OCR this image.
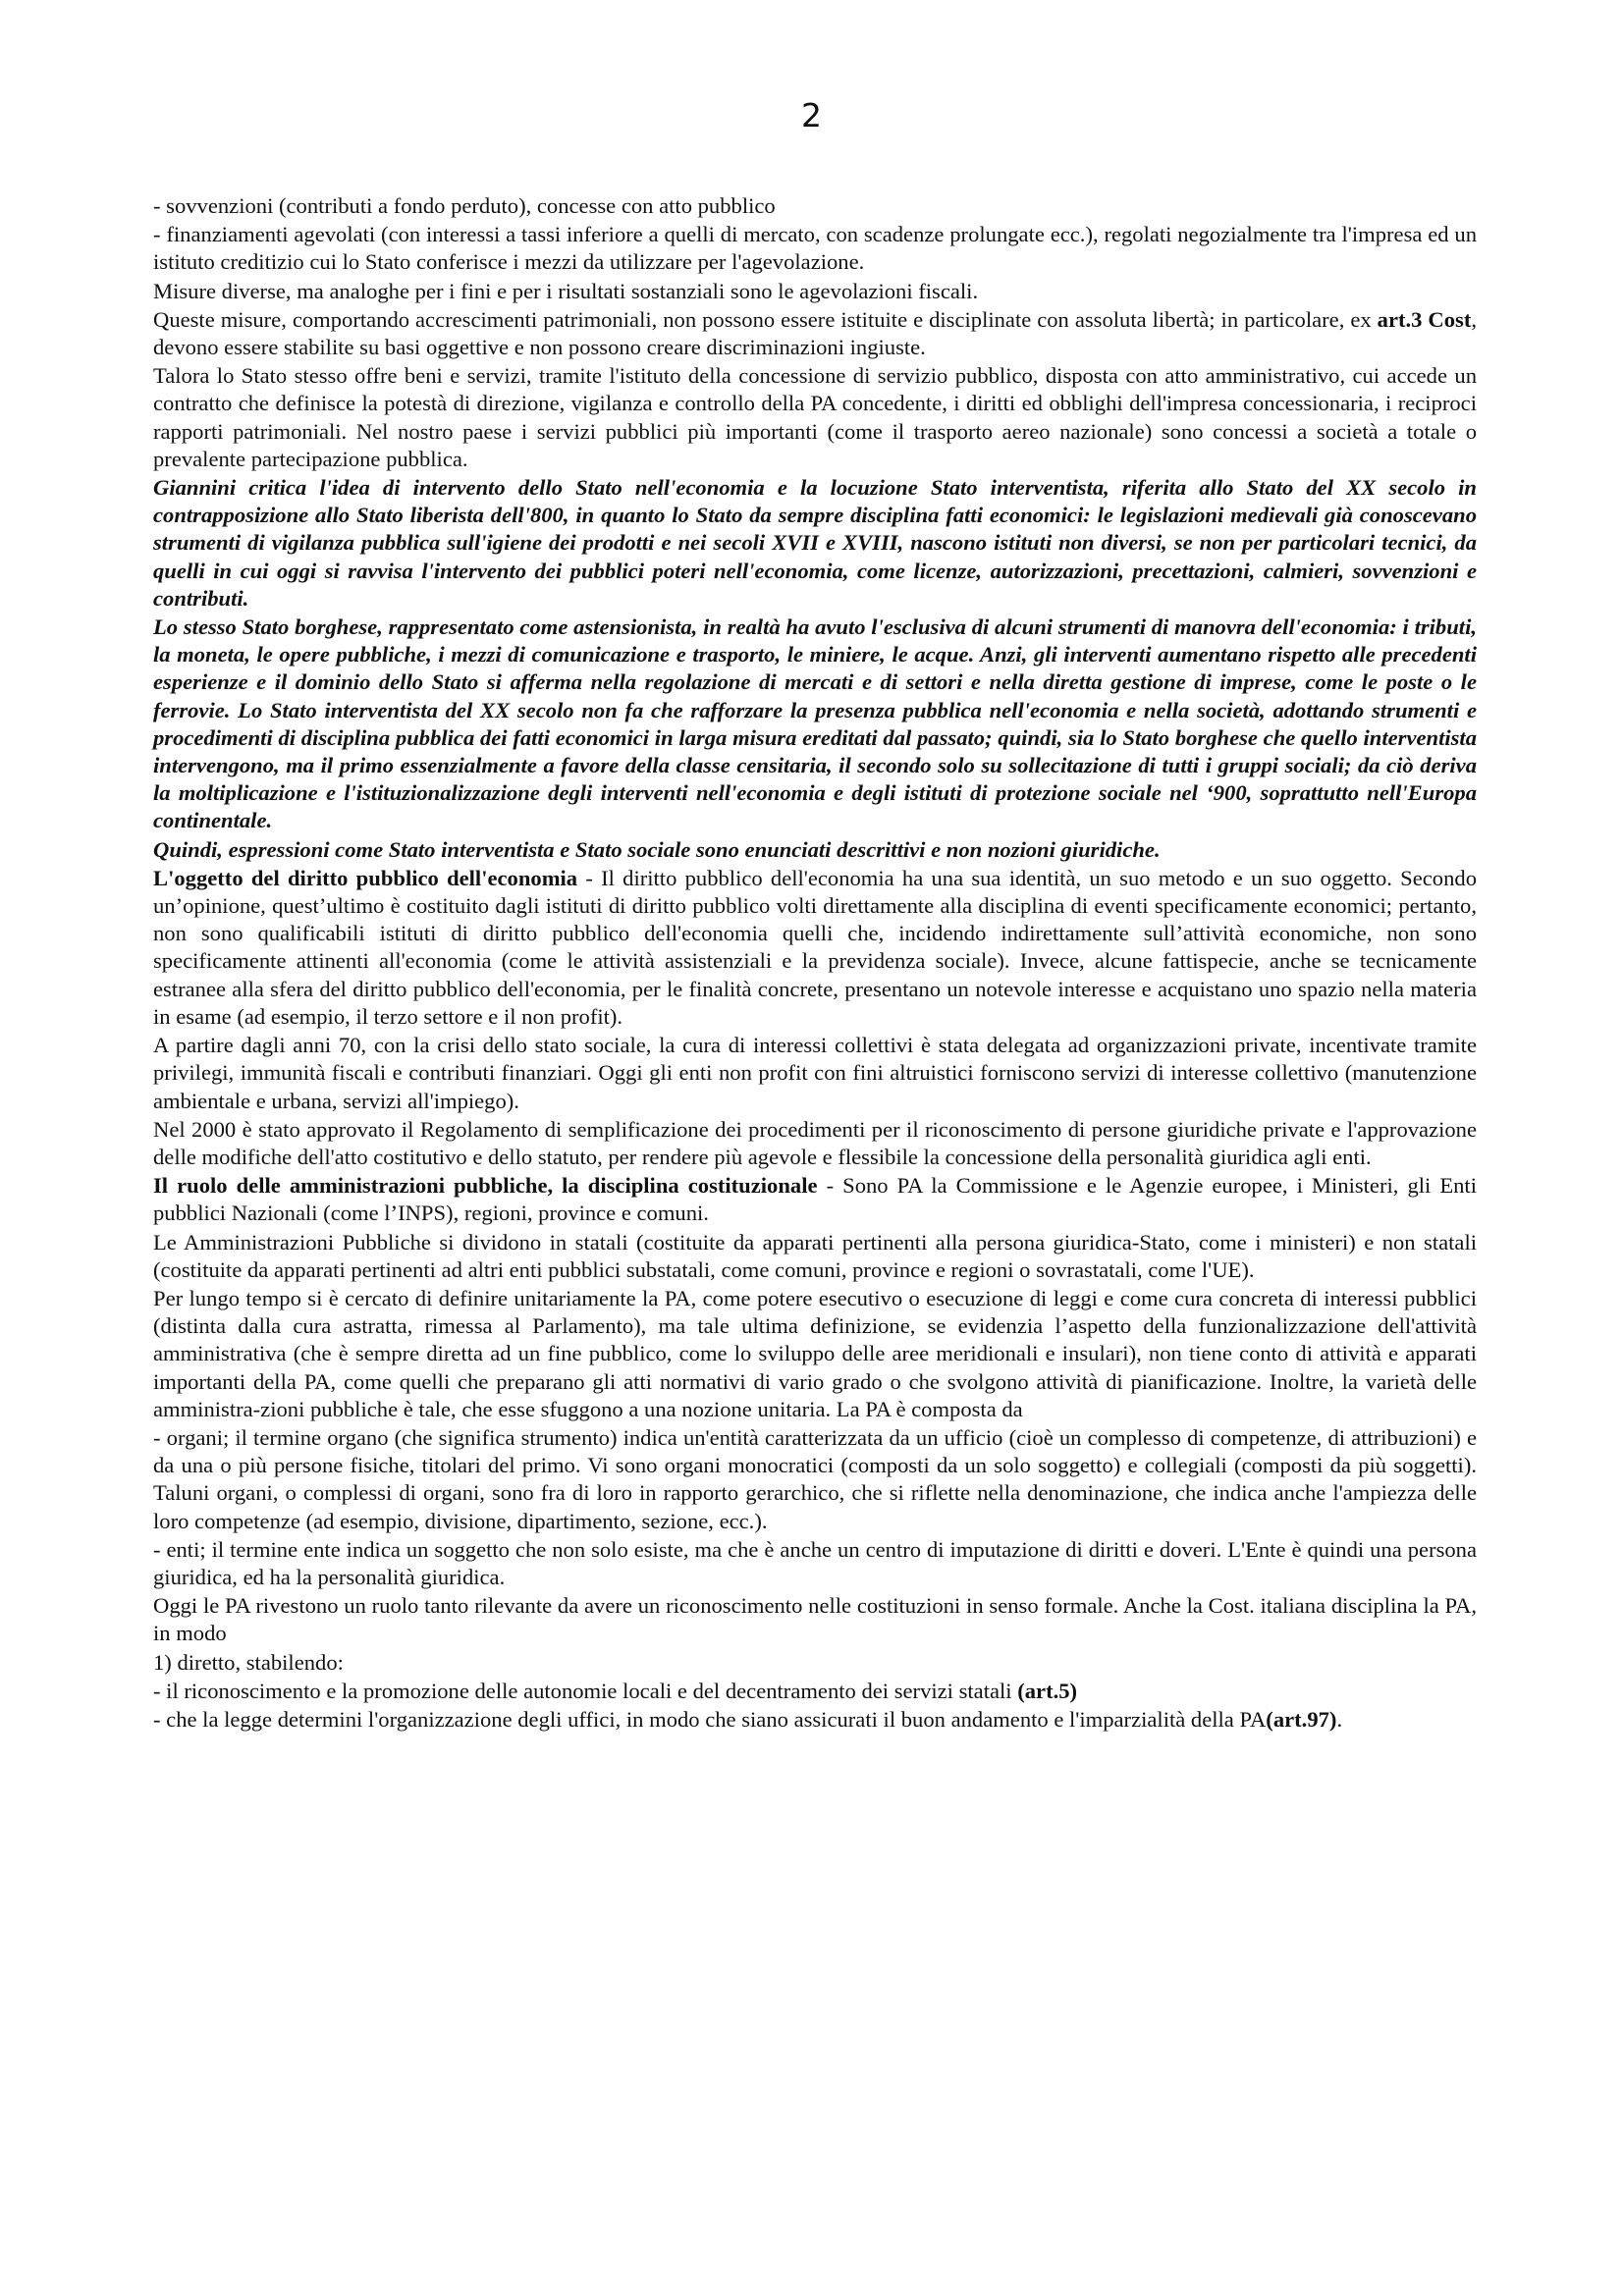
2

- sovvenzioni (contributi a fondo perduto), concesse con atto pubblico

- finanziamenti agevolati (con interessi a tassi inferiore a quelli di mercato, con scadenze prolungate ecc.), regolati negozialmente tra l'impresa ed un istituto creditizio cui lo Stato conferisce i mezzi da utilizzare per l'agevolazione.

Misure diverse, ma analoghe per i fini e per i risultati sostanziali sono le agevolazioni fiscali.

Queste misure, comportando accrescimenti patrimoniali, non possono essere istituite e disciplinate con assoluta libertà; in particolare, ex art.3 Cost, devono essere stabilite su basi oggettive e non possono creare discriminazioni ingiuste.

Talora lo Stato stesso offre beni e servizi, tramite l'istituto della concessione di servizio pubblico, disposta con atto amministrativo, cui accede un contratto che definisce la potestà di direzione, vigilanza e controllo della PA concedente, i diritti ed obblighi dell'impresa concessionaria, i reciproci rapporti patrimoniali. Nel nostro paese i servizi pubblici più importanti (come il trasporto aereo nazionale) sono concessi a società a totale o prevalente partecipazione pubblica.

Giannini critica l'idea di intervento dello Stato nell'economia e la locuzione Stato interventista, riferita allo Stato del XX secolo in contrapposizione allo Stato liberista dell'800, in quanto lo Stato da sempre disciplina fatti economici: le legislazioni medievali già conoscevano strumenti di vigilanza pubblica sull'igiene dei prodotti e nei secoli XVII e XVIII, nascono istituti non diversi, se non per particolari tecnici, da quelli in cui oggi si ravvisa l'intervento dei pubblici poteri nell'economia, come licenze, autorizzazioni, precettazioni, calmieri, sovvenzioni e contributi.

Lo stesso Stato borghese, rappresentato come astensionista, in realtà ha avuto l'esclusiva di alcuni strumenti di manovra dell'economia: i tributi, la moneta, le opere pubbliche, i mezzi di comunicazione e trasporto, le miniere, le acque. Anzi, gli interventi aumentano rispetto alle precedenti esperienze e il dominio dello Stato si afferma nella regolazione di mercati e di settori e nella diretta gestione di imprese, come le poste o le ferrovie. Lo Stato interventista del XX secolo non fa che rafforzare la presenza pubblica nell'economia e nella società, adottando strumenti e procedimenti di disciplina pubblica dei fatti economici in larga misura ereditati dal passato; quindi, sia lo Stato borghese che quello interventista intervengono, ma il primo essenzialmente a favore della classe censitaria, il secondo solo su sollecitazione di tutti i gruppi sociali; da ciò deriva la moltiplicazione e l'istituzionalizzazione degli interventi nell'economia e degli istituti di protezione sociale nel ‘900, soprattutto nell'Europa continentale.

Quindi, espressioni come Stato interventista e Stato sociale sono enunciati descrittivi e non nozioni giuridiche.

L'oggetto del diritto pubblico dell'economia - Il diritto pubblico dell'economia ha una sua identità, un suo metodo e un suo oggetto. Secondo un’opinione, quest’ultimo è costituito dagli istituti di diritto pubblico volti direttamente alla disciplina di eventi specificamente economici; pertanto, non sono qualificabili istituti di diritto pubblico dell'economia quelli che, incidendo indirettamente sull’attività economiche, non sono specificamente attinenti all'economia (come le attività assistenziali e la previdenza sociale). Invece, alcune fattispecie, anche se tecnicamente estranee alla sfera del diritto pubblico dell'economia, per le finalità concrete, presentano un notevole interesse e acquistano uno spazio nella materia in esame (ad esempio, il terzo settore e il non profit).

A partire dagli anni 70, con la crisi dello stato sociale, la cura di interessi collettivi è stata delegata ad organizzazioni private, incentivate tramite privilegi, immunità fiscali e contributi finanziari. Oggi gli enti non profit con fini altruistici forniscono servizi di interesse collettivo (manutenzione ambientale e urbana, servizi all'impiego).

Nel 2000 è stato approvato il Regolamento di semplificazione dei procedimenti per il riconoscimento di persone giuridiche private e l'approvazione delle modifiche dell'atto costitutivo e dello statuto, per rendere più agevole e flessibile la concessione della personalità giuridica agli enti.

Il ruolo delle amministrazioni pubbliche, la disciplina costituzionale - Sono PA la Commissione e le Agenzie europee, i Ministeri, gli Enti pubblici Nazionali (come l’INPS), regioni, province e comuni.

Le Amministrazioni Pubbliche si dividono in statali (costituite da apparati pertinenti alla persona giuridica-Stato, come i ministeri) e non statali (costituite da apparati pertinenti ad altri enti pubblici substatali, come comuni, province e regioni o sovrastatali, come l'UE).

Per lungo tempo si è cercato di definire unitariamente la PA, come potere esecutivo o esecuzione di leggi e come cura concreta di interessi pubblici (distinta dalla cura astratta, rimessa al Parlamento), ma tale ultima definizione, se evidenzia l’aspetto della funzionalizzazione dell'attività amministrativa (che è sempre diretta ad un fine pubblico, come lo sviluppo delle aree meridionali e insulari), non tiene conto di attività e apparati importanti della PA, come quelli che preparano gli atti normativi di vario grado o che svolgono attività di pianificazione. Inoltre, la varietà delle amministra-zioni pubbliche è tale, che esse sfuggono a una nozione unitaria. La PA è composta da

- organi; il termine organo (che significa strumento) indica un'entità caratterizzata da un ufficio (cioè un complesso di competenze, di attribuzioni) e da una o più persone fisiche, titolari del primo. Vi sono organi monocratici (composti da un solo soggetto) e collegiali (composti da più soggetti). Taluni organi, o complessi di organi, sono fra di loro in rapporto gerarchico, che si riflette nella denominazione, che indica anche l'ampiezza delle loro competenze (ad esempio, divisione, dipartimento, sezione, ecc.).

- enti; il termine ente indica un soggetto che non solo esiste, ma che è anche un centro di imputazione di diritti e doveri. L'Ente è quindi una persona giuridica, ed ha la personalità giuridica.

Oggi le PA rivestono un ruolo tanto rilevante da avere un riconoscimento nelle costituzioni in senso formale. Anche la Cost. italiana disciplina la PA, in modo

1) diretto, stabilendo:

- il riconoscimento e la promozione delle autonomie locali e del decentramento dei servizi statali (art.5)

- che la legge determini l'organizzazione degli uffici, in modo che siano assicurati il buon andamento e l'imparzialità della PA(art.97).
